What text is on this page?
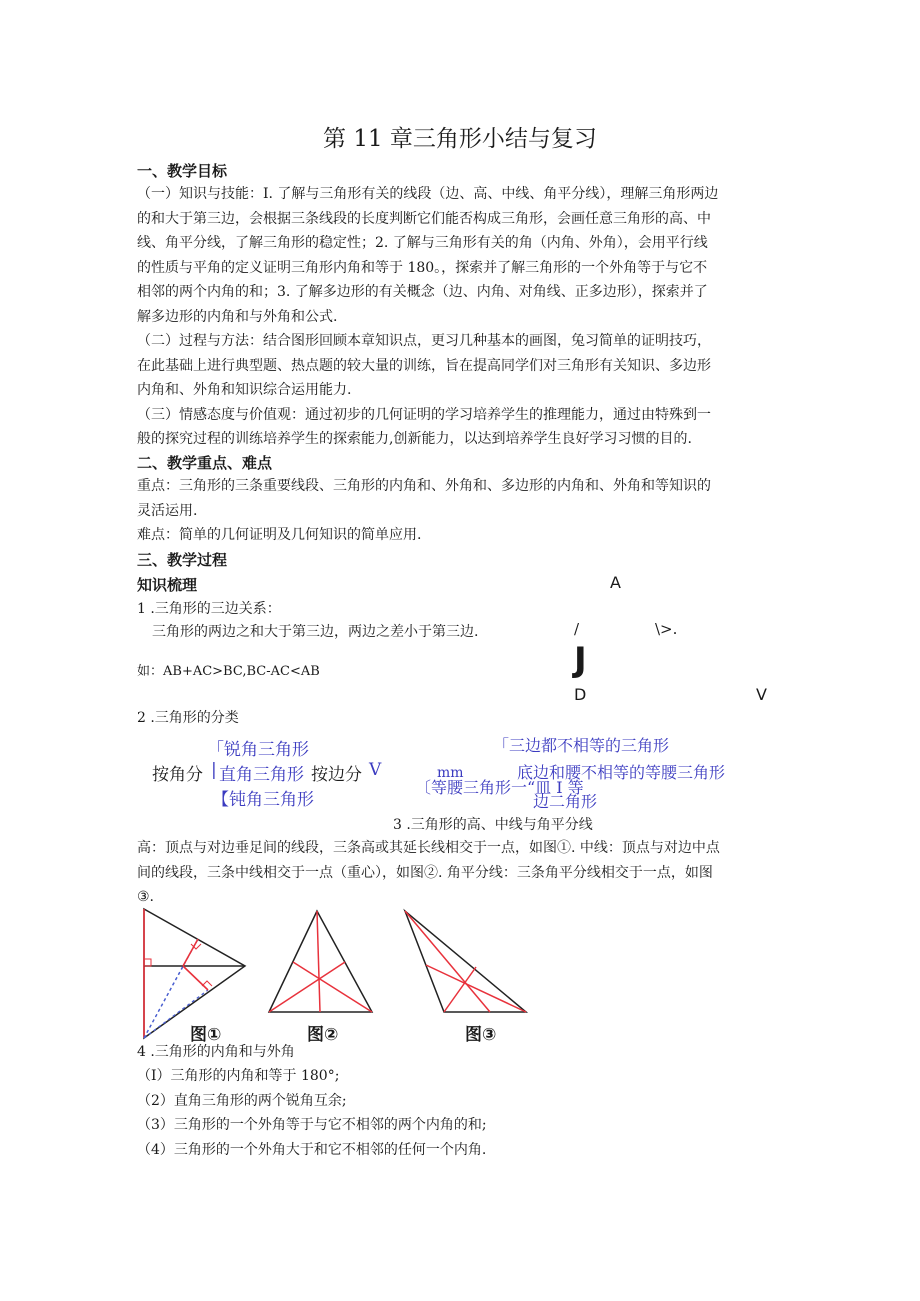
第 11 章三角形小结与复习
一、教学目标
（一）知识与技能：I. 了解与三角形有关的线段（边、高、中线、角平分线），理解三角形两边
的和大于第三边，会根据三条线段的长度判断它们能否构成三角形，会画任意三角形的高、中
线、角平分线，了解三角形的稳定性；2. 了解与三角形有关的角（内角、外角），会用平行线
的性质与平角的定义证明三角形内角和等于 180。，探索并了解三角形的一个外角等于与它不
相邻的两个内角的和；3. 了解多边形的有关概念（边、内角、对角线、正多边形），探索并了
解多边形的内角和与外角和公式.
（二）过程与方法：结合图形回顾本章知识点，更习几种基本的画图，兔习简单的证明技巧，
在此基础上进行典型题、热点题的较大量的训练，旨在提高同学们对三角形有关知识、多边形
内角和、外角和知识综合运用能力.
（三）情感态度与价值观：通过初步的几何证明的学习培养学生的推理能力，通过由特殊到一
般的探究过程的训练培养学生的探索能力,创新能力，以达到培养学生良好学习习惯的目的.
二、教学重点、难点
重点：三角形的三条重要线段、三角形的内角和、外角和、多边形的内角和、外角和等知识的
灵活运用.
难点：简单的几何证明及几何知识的简单应用.
三、教学过程
知识梳理
1 .三角形的三边关系：
三角形的两边之和大于第三边，两边之差小于第三边.
如：AB+AC>BC,BC-AC<AB
A
/	\>.
J
D	V
2 .三角形的分类
「锐角三角形
按角分 | 直角三角形 按边分 V
【钝角三角形
「三边都不相等的三角形
mm	底边和腰不相等的等腰三角形
〔等腰三角形一“皿 I 等
边二角形
3 .三角形的高、中线与角平分线
高：顶点与对边垂足间的线段，三条高或其延长线相交于一点，如图①. 中线：顶点与对边中点
间的线段，三条中线相交于一点（重心），如图②. 角平分线：三条角平分线相交于一点，如图
③.
图①	图②	图③
4 .三角形的内角和与外角
（I）三角形的内角和等于 180°;
（2）直角三角形的两个锐角互余;
（3）三角形的一个外角等于与它不相邻的两个内角的和;
（4）三角形的一个外角大于和它不相邻的任何一个内角.
